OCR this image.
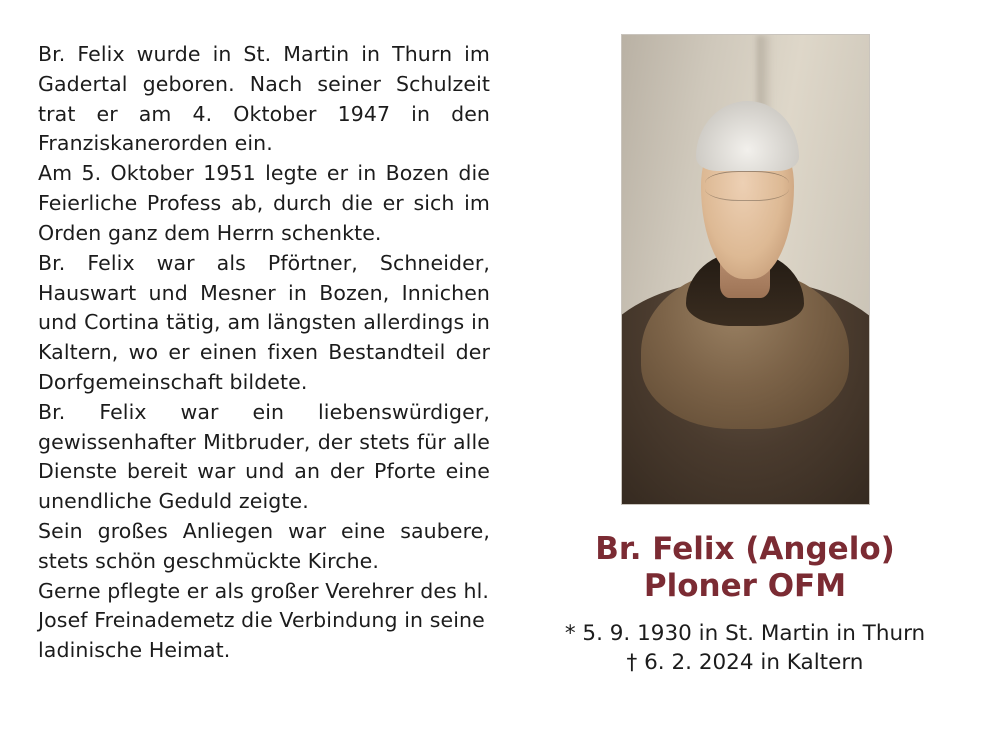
Br. Felix wurde in St. Martin in Thurn im Gadertal geboren. Nach seiner Schulzeit trat er am 4. Oktober 1947 in den Franziskanerorden ein.

Am 5. Oktober 1951 legte er in Bozen die Feierliche Profess ab, durch die er sich im Orden ganz dem Herrn schenkte.

Br. Felix war als Pförtner, Schneider, Hauswart und Mesner in Bozen, Innichen und Cortina tätig, am längsten allerdings in Kaltern, wo er einen fixen Bestandteil der Dorfgemeinschaft bildete.

Br. Felix war ein liebenswürdiger, gewissenhafter Mitbruder, der stets für alle Dienste bereit war und an der Pforte eine unendliche Geduld zeigte.

Sein großes Anliegen war eine saubere, stets schön geschmückte Kirche.

Gerne pflegte er als großer Verehrer des hl. Josef Freinademetz die Verbindung in seine ladinische Heimat.

Br. Felix (Angelo)
Ploner OFM
* 5. 9. 1930 in St. Martin in Thurn
† 6. 2. 2024 in Kaltern
